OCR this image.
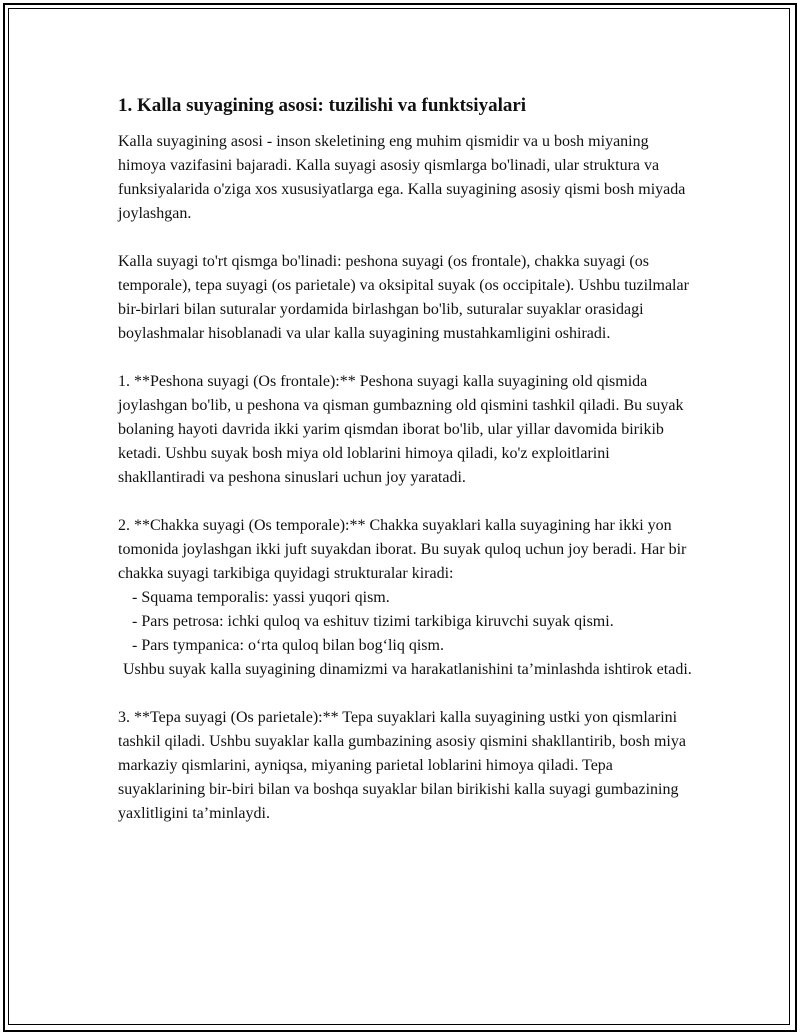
1. Kalla suyagining asosi: tuzilishi va funktsiyalari

Kalla suyagining asosi - inson skeletining eng muhim qismidir va u bosh miyaning himoya vazifasini bajaradi. Kalla suyagi asosiy qismlarga bo'linadi, ular struktura va funksiyalarida o'ziga xos xususiyatlarga ega. Kalla suyagining asosiy qismi bosh miyada joylashgan.

Kalla suyagi to'rt qismga bo'linadi: peshona suyagi (os frontale), chakka suyagi (os temporale), tepa suyagi (os parietale) va oksipital suyak (os occipitale). Ushbu tuzilmalar bir-birlari bilan suturalar yordamida birlashgan bo'lib, suturalar suyaklar orasidagi boylashmalar hisoblanadi va ular kalla suyagining mustahkamligini oshiradi.

1. **Peshona suyagi (Os frontale):** Peshona suyagi kalla suyagining old qismida joylashgan bo'lib, u peshona va qisman gumbazning old qismini tashkil qiladi. Bu suyak bolaning hayoti davrida ikki yarim qismdan iborat bo'lib, ular yillar davomida birikib ketadi. Ushbu suyak bosh miya old loblarini himoya qiladi, ko'z exploitlarini shakllantiradi va peshona sinuslari uchun joy yaratadi.

2. **Chakka suyagi (Os temporale):** Chakka suyaklari kalla suyagining har ikki yon tomonida joylashgan ikki juft suyakdan iborat. Bu suyak quloq uchun joy beradi. Har bir chakka suyagi tarkibiga quyidagi strukturalar kiradi:

- Squama temporalis: yassi yuqori qism.

- Pars petrosa: ichki quloq va eshituv tizimi tarkibiga kiruvchi suyak qismi.

- Pars tympanica: o‘rta quloq bilan bog‘liq qism.

Ushbu suyak kalla suyagining dinamizmi va harakatlanishini ta’minlashda ishtirok etadi.

3. **Tepa suyagi (Os parietale):** Tepa suyaklari kalla suyagining ustki yon qismlarini tashkil qiladi. Ushbu suyaklar kalla gumbazining asosiy qismini shakllantirib, bosh miya markaziy qismlarini, ayniqsa, miyaning parietal loblarini himoya qiladi. Tepa suyaklarining bir-biri bilan va boshqa suyaklar bilan birikishi kalla suyagi gumbazining yaxlitligini ta’minlaydi.
